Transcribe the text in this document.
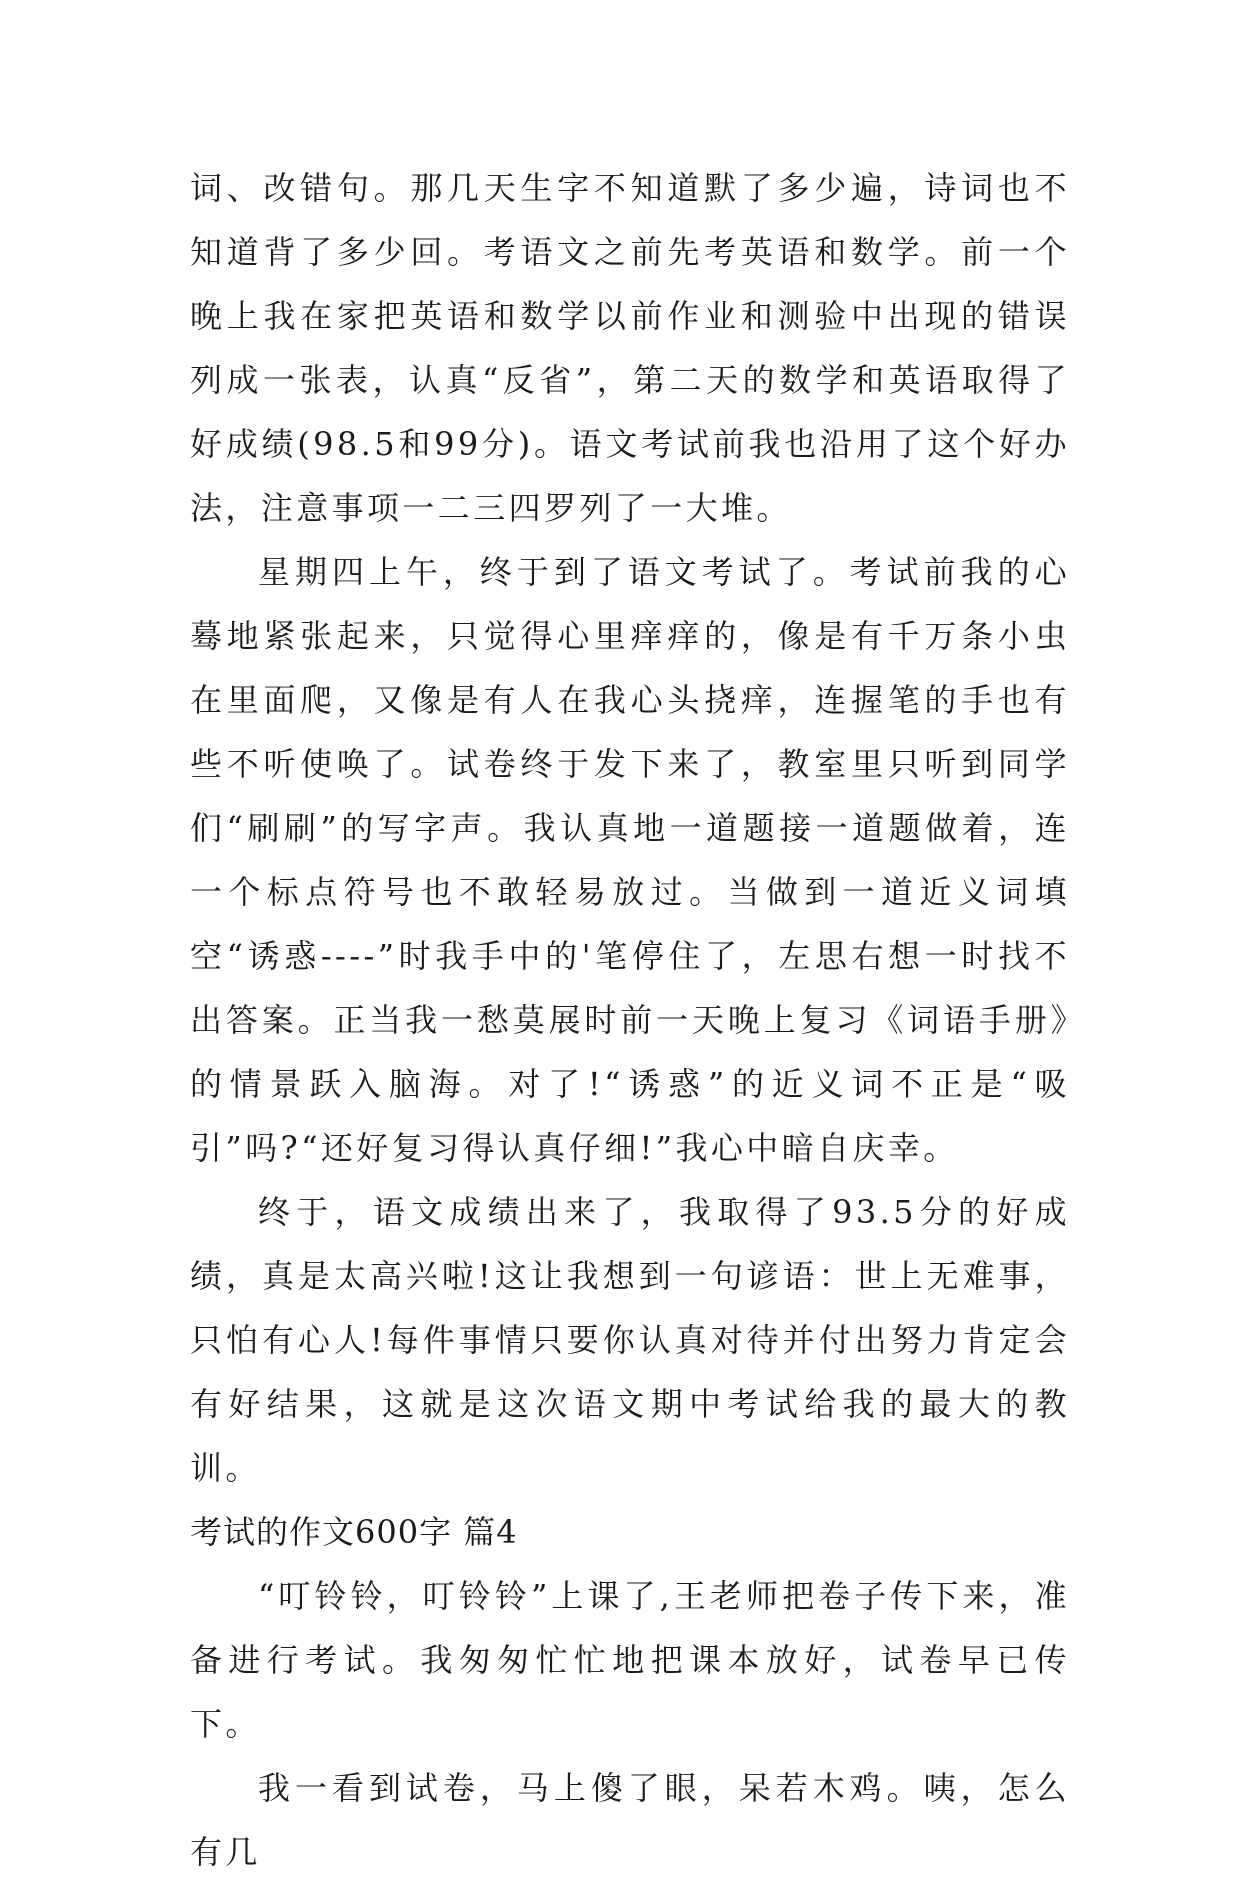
词、改错句。那几天生字不知道默了多少遍，诗词也不知道背了多少回。考语文之前先考英语和数学。前一个晚上我在家把英语和数学以前作业和测验中出现的错误列成一张表，认真“反省”，第二天的数学和英语取得了好成绩(98.5和99分)。语文考试前我也沿用了这个好办法，注意事项一二三四罗列了一大堆。

星期四上午，终于到了语文考试了。考试前我的心蓦地紧张起来，只觉得心里痒痒的，像是有千万条小虫在里面爬，又像是有人在我心头挠痒，连握笔的手也有些不听使唤了。试卷终于发下来了，教室里只听到同学们“刷刷”的写字声。我认真地一道题接一道题做着，连一个标点符号也不敢轻易放过。当做到一道近义词填空“诱惑----”时我手中的'笔停住了，左思右想一时找不出答案。正当我一愁莫展时前一天晚上复习《词语手册》的情景跃入脑海。对了!“诱惑”的近义词不正是“吸引”吗?“还好复习得认真仔细!”我心中暗自庆幸。

终于，语文成绩出来了，我取得了93.5分的好成绩，真是太高兴啦!这让我想到一句谚语：世上无难事，只怕有心人!每件事情只要你认真对待并付出努力肯定会有好结果，这就是这次语文期中考试给我的最大的教训。

考试的作文600字 篇4

“叮铃铃，叮铃铃”上课了,王老师把卷子传下来，准备进行考试。我匆匆忙忙地把课本放好，试卷早已传下。

我一看到试卷，马上傻了眼，呆若木鸡。咦，怎么有几
